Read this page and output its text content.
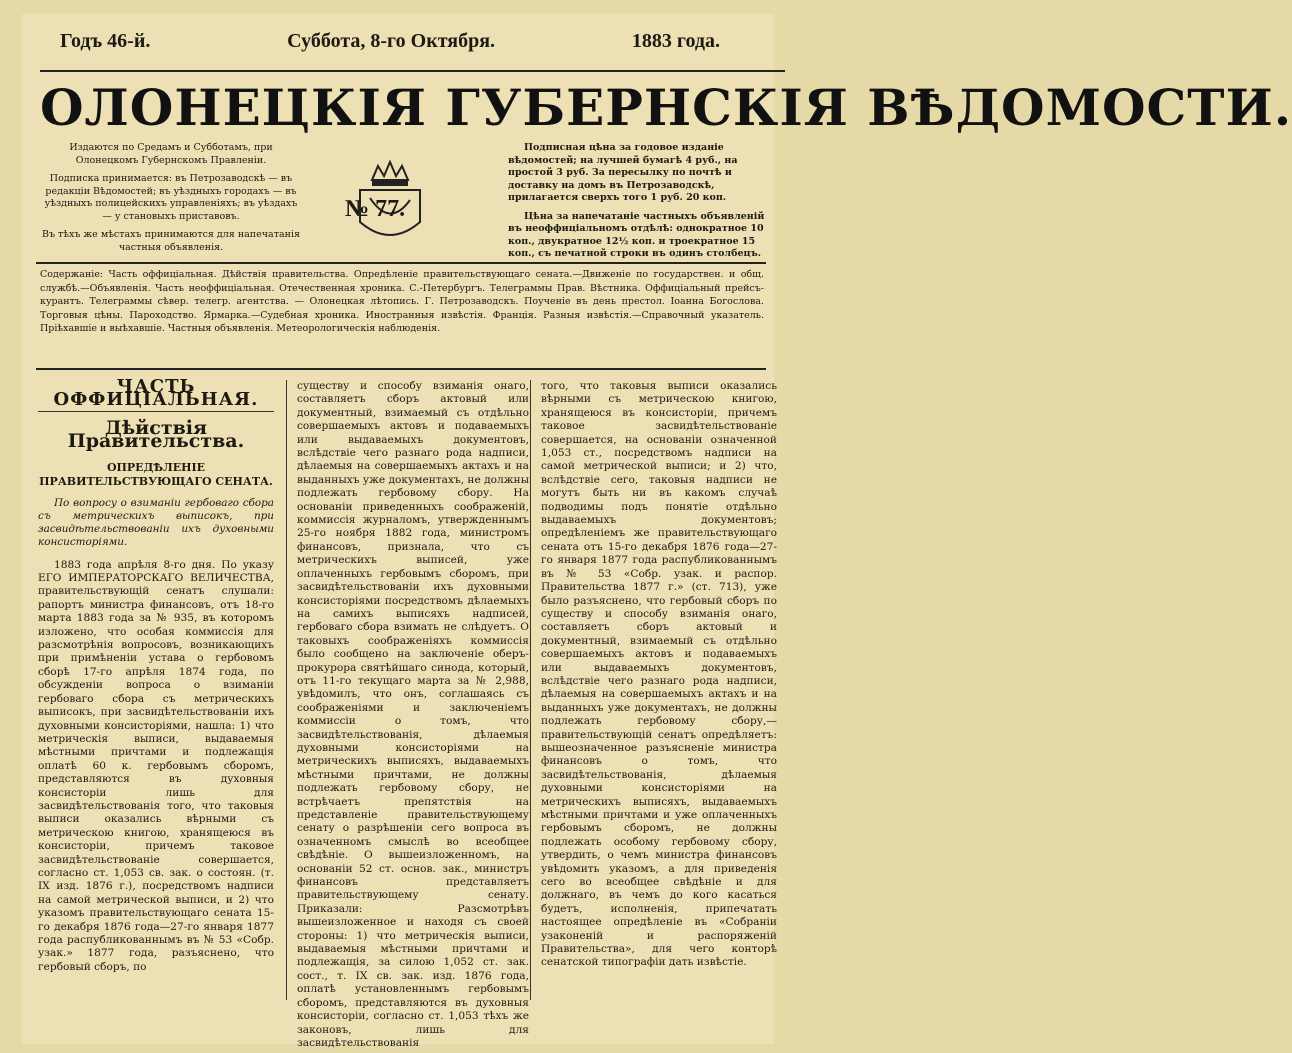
Годъ 46-й.	Суббота, 8-го Октября.	1883 года.
ОЛОНЕЦКІЯ ГУБЕРНСКІЯ ВѢДОМОСТИ.

Издаются по Средамъ и Субботамъ, при Олонецкомъ Губернскомъ Правленіи.

Подписка принимается: въ Петрозаводскѣ — въ редакціи Вѣдомостей; въ уѣздныхъ городахъ — въ уѣздныхъ полицейскихъ управленіяхъ; въ уѣздахъ — у становыхъ приставовъ.

Въ тѣхъ же мѣстахъ принимаются для напечатанія частныя объявленія.

№ 77.

Подписная цѣна за годовое изданіе вѣдомостей; на лучшей бумагѣ 4 руб., на простой 3 руб. За пересылку по почтѣ и доставку на домъ въ Петрозаводскѣ, прилагается сверхъ того 1 руб. 20 коп.

Цѣна за напечатаніе частныхъ объявленій въ неоффиціальномъ отдѣлѣ: однократное 10 коп., двукратное 12½ коп. и троекратное 15 коп., съ печатной строки въ одинъ столбецъ.

Содержаніе: Часть оффиціальная. Дѣйствія правительства. Опредѣленіе правительствующаго сената.—Движеніе по государствен. и общ. службѣ.—Объявленія. Часть неоффиціальная. Отечественная хроника. С.-Петербургъ. Телеграммы Прав. Вѣстника. Оффиціальный прейсъ-курантъ. Телеграммы сѣвер. телегр. агентства. — Олонецкая лѣтопись. Г. Петрозаводскъ. Поученіе въ день престол. Іоанна Богослова. Торговыя цѣны. Пароходство. Ярмарка.—Судебная хроника. Иностранныя извѣстія. Франція. Разныя извѣстія.—Справочный указатель. Пріѣхавшіе и выѣхавшіе. Частныя объявленія. Метеорологическія наблюденія.
ЧАСТЬ ОФФИЦІАЛЬНАЯ.
Дѣйствія Правительства.
ОПРЕДѢЛЕНІЕ ПРАВИТЕЛЬСТВУЮЩАГО СЕНАТА.
По вопросу о взиманіи гербоваго сбора съ метрическихъ выписокъ, при засвидѣтельствованіи ихъ духовными консисторіями.

1883 года апрѣля 8-го дня. По указу ЕГО ИМПЕРАТОРСКАГО ВЕЛИЧЕСТВА, правительствующій сенатъ слушали: рапортъ министра финансовъ, отъ 18-го марта 1883 года за № 935, въ которомъ изложено, что особая коммиссія для разсмотрѣнія вопросовъ, возникающихъ при примѣненіи устава о гербовомъ сборѣ 17-го апрѣля 1874 года, по обсужденіи вопроса о взиманіи гербоваго сбора съ метрическихъ выписокъ, при засвидѣтельствованіи ихъ духовными консисторіями, нашла: 1) что метрическія выписи, выдаваемыя мѣстными причтами и подлежащія оплатѣ 60 к. гербовымъ сборомъ, представляются въ духовныя консисторіи лишь для засвидѣтельствованія того, что таковыя выписи оказались вѣрными съ метрическою книгою, хранящеюся въ консисторіи, причемъ таковое засвидѣтельствованіе совершается, согласно ст. 1,053 св. зак. о состоян. (т. IX изд. 1876 г.), посредствомъ надписи на самой метрической выписи, и 2) что указомъ правительствующаго сената 15-го декабря 1876 года—27-го января 1877 года распубликованнымъ въ № 53 «Собр. узак.» 1877 года, разъяснено, что гербовый сборъ, по

существу и способу взиманія онаго, составляетъ сборъ актовый или документный, взимаемый съ отдѣльно совершаемыхъ актовъ и подаваемыхъ или выдаваемыхъ документовъ, вслѣдствіе чего разнаго рода надписи, дѣлаемыя на совершаемыхъ актахъ и на выданныхъ уже документахъ, не должны подлежать гербовому сбору. На основаніи приведенныхъ соображеній, коммиссія журналомъ, утвержденнымъ 25-го ноября 1882 года, министромъ финансовъ, признала, что съ метрическихъ выписей, уже оплаченныхъ гербовымъ сборомъ, при засвидѣтельствованіи ихъ духовными консисторіями посредствомъ дѣлаемыхъ на самихъ выписяхъ надписей, гербоваго сбора взимать не слѣдуетъ. О таковыхъ соображеніяхъ коммиссія было сообщено на заключеніе оберъ-прокурора святѣйшаго синода, который, отъ 11-го текущаго марта за № 2,988, увѣдомилъ, что онъ, соглашаясь съ соображеніями и заключеніемъ коммиссіи о томъ, что засвидѣтельствованія, дѣлаемыя духовными консисторіями на метрическихъ выписяхъ, выдаваемыхъ мѣстными причтами, не должны подлежать гербовому сбору, не встрѣчаетъ препятствія на представленіе правительствующему сенату о разрѣшеніи сего вопроса въ означенномъ смыслѣ во всеобщее свѣдѣніе. О вышеизложенномъ, на основаніи 52 ст. основ. зак., министръ финансовъ представляетъ правительствующему сенату. Приказали: Разсмотрѣвъ вышеизложенное и находя съ своей стороны: 1) что метрическія выписи, выдаваемыя мѣстными причтами и подлежащія, за силою 1,052 ст. зак. сост., т. IX св. зак. изд. 1876 года, оплатѣ установленнымъ гербовымъ сборомъ, представляются въ духовныя консисторіи, согласно ст. 1,053 тѣхъ же законовъ, лишь для засвидѣтельствованія

того, что таковыя выписи оказались вѣрными съ метрическою книгою, хранящеюся въ консисторіи, причемъ таковое засвидѣтельствованіе совершается, на основаніи означенной 1,053 ст., посредствомъ надписи на самой метрической выписи; и 2) что, вслѣдствіе сего, таковыя надписи не могутъ быть ни въ какомъ случаѣ подводимы подъ понятіе отдѣльно выдаваемыхъ документовъ; опредѣленіемъ же правительствующаго сената отъ 15-го декабря 1876 года—27-го января 1877 года распубликованнымъ въ № 53 «Собр. узак. и распор. Правительства 1877 г.» (ст. 713), уже было разъяснено, что гербовый сборъ по существу и способу взиманія онаго, составляетъ сборъ актовый и документный, взимаемый съ отдѣльно совершаемыхъ актовъ и подаваемыхъ или выдаваемыхъ документовъ, вслѣдствіе чего разнаго рода надписи, дѣлаемыя на совершаемыхъ актахъ и на выданныхъ уже документахъ, не должны подлежать гербовому сбору,—правительствующій сенатъ опредѣляетъ: вышеозначенное разъясненіе министра финансовъ о томъ, что засвидѣтельствованія, дѣлаемыя духовными консисторіями на метрическихъ выписяхъ, выдаваемыхъ мѣстными причтами и уже оплаченныхъ гербовымъ сборомъ, не должны подлежать особому гербовому сбору, утвердить, о чемъ министра финансовъ увѣдомить указомъ, а для приведенія сего во всеобщее свѣдѣніе и для должнаго, въ чемъ до кого касаться будетъ, исполненія, припечатать настоящее опредѣленіе въ «Собраніи узаконеній и распоряженій Правительства», для чего конторѣ сенатской типографіи дать извѣстіе.
